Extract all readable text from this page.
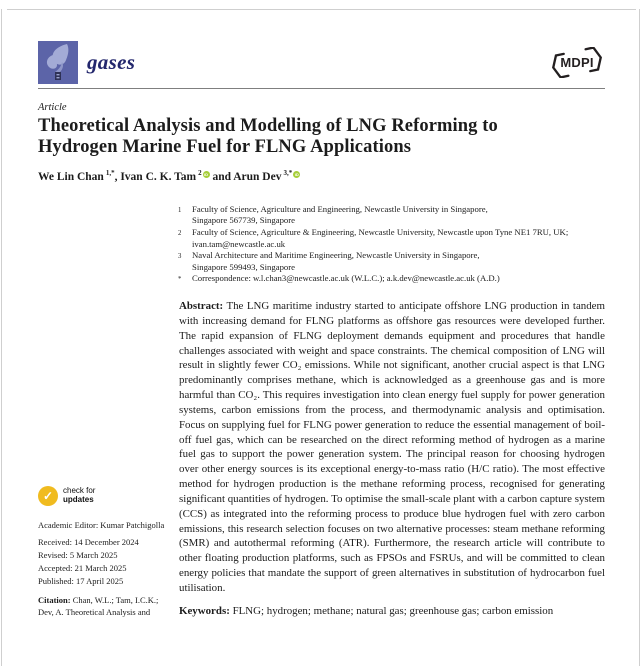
gases	MDPI
Article
Theoretical Analysis and Modelling of LNG Reforming to
Hydrogen Marine Fuel for FLNG Applications
We Lin Chan $^{1,*}$, Ivan C. K. Tam $^2$ iD and Arun Dev $^{3,*}$ iD
1	Faculty of Science, Agriculture and Engineering, Newcastle University in Singapore,
Singapore 567739, Singapore
2	Faculty of Science, Agriculture & Engineering, Newcastle University, Newcastle upon Tyne NE1 7RU, UK;
ivan.tam@newcastle.ac.uk
3	Naval Architecture and Maritime Engineering, Newcastle University in Singapore,
Singapore 599493, Singapore
*	Correspondence: w.l.chan3@newcastle.ac.uk (W.L.C.); a.k.dev@newcastle.ac.uk (A.D.)
✓ check for
updates
Academic Editor: Kumar Patchigolla
Received: 14 December 2024
Revised: 5 March 2025
Accepted: 21 March 2025
Published: 17 April 2025
Citation: Chan, W.L.; Tam, I.C.K.;
Dev, A. Theoretical Analysis and

Abstract: The LNG maritime industry started to anticipate offshore LNG production in tandem with increasing demand for FLNG platforms as offshore gas resources were developed further. The rapid expansion of FLNG deployment demands equipment and procedures that handle challenges associated with weight and space constraints. The chemical composition of LNG will result in slightly fewer CO₂ emissions. While not significant, another crucial aspect is that LNG predominantly comprises methane, which is acknowledged as a greenhouse gas and is more harmful than CO₂. This requires investigation into clean energy fuel supply for power generation systems, carbon emissions from the process, and thermodynamic analysis and optimisation. Focus on supplying fuel for FLNG power generation to reduce the essential management of boil-off fuel gas, which can be researched on the direct reforming method of hydrogen as a marine fuel gas to support the power generation system. The principal reason for choosing hydrogen over other energy sources is its exceptional energy-to-mass ratio (H/C ratio). The most effective method for hydrogen production is the methane reforming process, recognised for generating significant quantities of hydrogen. To optimise the small-scale plant with a carbon capture system (CCS) as integrated into the reforming process to produce blue hydrogen fuel with zero carbon emissions, this research selection focuses on two alternative processes: steam methane reforming (SMR) and autothermal reforming (ATR). Furthermore, the research article will contribute to other floating production platforms, such as FPSOs and FSRUs, and will be committed to clean energy policies that mandate the support of green alternatives in substitution of hydrocarbon fuel utilisation.

Keywords: FLNG; hydrogen; methane; natural gas; greenhouse gas; carbon emission
